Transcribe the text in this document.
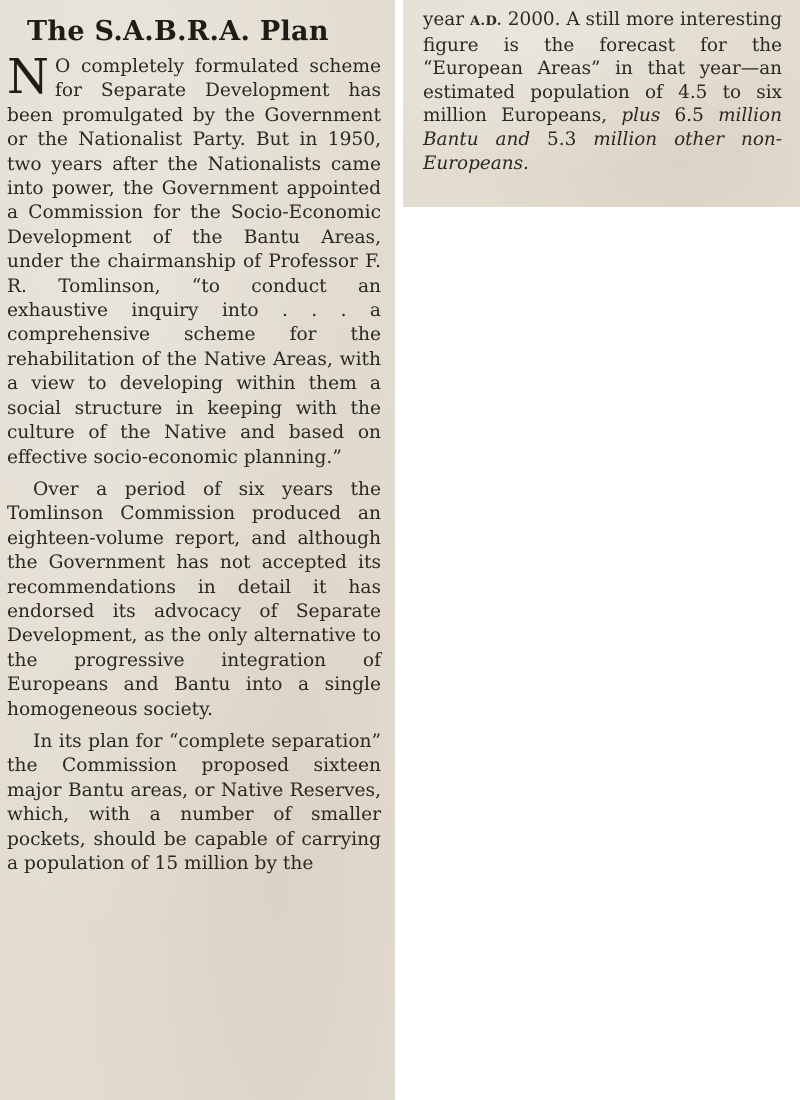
The S.A.B.R.A. Plan

N O completely formulated scheme for Separate Development has been promulgated by the Government or the Nationalist Party. But in 1950, two years after the Nationalists came into power, the Government appointed a Commission for the Socio-Economic Development of the Bantu Areas, under the chairmanship of Professor F. R. Tomlinson, “to conduct an exhaustive inquiry into . . . a comprehensive scheme for the rehabilitation of the Native Areas, with a view to developing within them a social structure in keeping with the culture of the Native and based on effective socio-economic planning.”

Over a period of six years the Tomlinson Commission produced an eighteen-volume report, and although the Government has not accepted its recommendations in detail it has endorsed its advocacy of Separate Development, as the only alternative to the progressive integration of Europeans and Bantu into a single homogeneous society.

In its plan for “complete separation” the Commission proposed sixteen major Bantu areas, or Native Reserves, which, with a number of smaller pockets, should be capable of carrying a population of 15 million by the

year A.D. 2000. A still more interesting figure is the forecast for the “European Areas” in that year—an estimated population of 4.5 to six million Europeans, plus 6.5 million Bantu and 5.3 million other non-Europeans.
